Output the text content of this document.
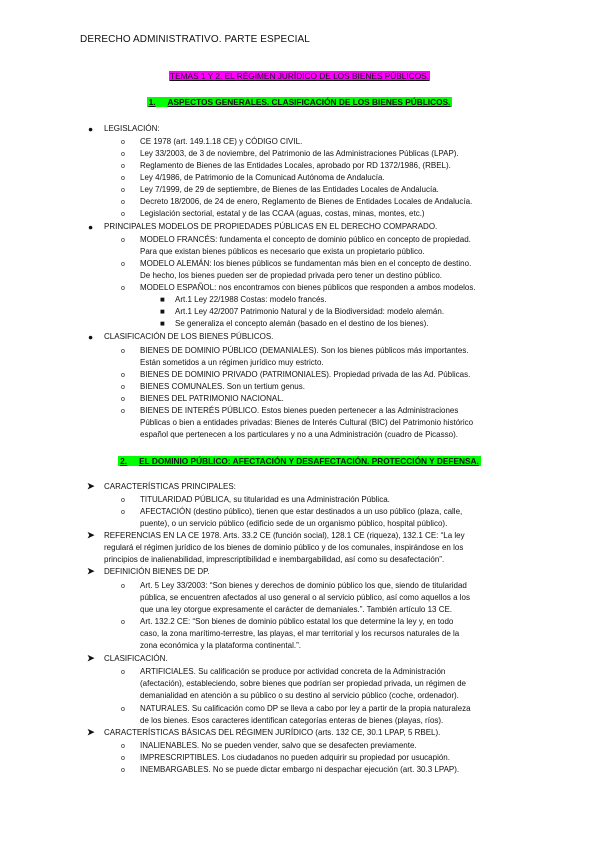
DERECHO ADMINISTRATIVO. PARTE ESPECIAL
TEMAS 1 Y 2. EL RÉGIMEN JURÍDICO DE LOS BIENES PÚBLICOS.
1. ASPECTOS GENERALES. CLASIFICACIÓN DE LOS BIENES PÚBLICOS.
● LEGISLACIÓN:
o CE 1978 (art. 149.1.18 CE) y CÓDIGO CIVIL.
o Ley 33/2003, de 3 de noviembre, del Patrimonio de las Administraciones Públicas (LPAP).
o Reglamento de Bienes de las Entidades Locales, aprobado por RD 1372/1986, (RBEL).
o Ley 4/1986, de Patrimonio de la Comunicad Autónoma de Andalucía.
o Ley 7/1999, de 29 de septiembre, de Bienes de las Entidades Locales de Andalucía.
o Decreto 18/2006, de 24 de enero, Reglamento de Bienes de Entidades Locales de Andalucía.
o Legislación sectorial, estatal y de las CCAA (aguas, costas, minas, montes, etc.)
● PRINCIPALES MODELOS DE PROPIEDADES PÚBLICAS EN EL DERECHO COMPARADO.
o MODELO FRANCÉS: fundamenta el concepto de dominio público en concepto de propiedad.
Para que existan bienes públicos es necesario que exista un propietario público.
o MODELO ALEMÁN: los bienes públicos se fundamentan más bien en el concepto de destino.
De hecho, los bienes pueden ser de propiedad privada pero tener un destino público.
o MODELO ESPAÑOL: nos encontramos con bienes públicos que responden a ambos modelos.
■ Art.1 Ley 22/1988 Costas: modelo francés.
■ Art.1 Ley 42/2007 Patrimonio Natural y de la Biodiversidad: modelo alemán.
■ Se generaliza el concepto alemán (basado en el destino de los bienes).
● CLASIFICACIÓN DE LOS BIENES PÚBLICOS.
o BIENES DE DOMINIO PÚBLICO (DEMANIALES). Son los bienes públicos más importantes.
Están sometidos a un régimen jurídico muy estricto.
o BIENES DE DOMINIO PRIVADO (PATRIMONIALES). Propiedad privada de las Ad. Públicas.
o BIENES COMUNALES. Son un tertium genus.
o BIENES DEL PATRIMONIO NACIONAL.
o BIENES DE INTERÉS PÚBLICO. Estos bienes pueden pertenecer a las Administraciones
Públicas o bien a entidades privadas: Bienes de Interés Cultural (BIC) del Patrimonio histórico
español que pertenecen a los particulares y no a una Administración (cuadro de Picasso).
2. EL DOMINIO PÚBLICO: AFECTACIÓN Y DESAFECTACIÓN. PROTECCIÓN Y DEFENSA.
➤ CARACTERÍSTICAS PRINCIPALES:
o TITULARIDAD PÚBLICA, su titularidad es una Administración Pública.
o AFECTACIÓN (destino público), tienen que estar destinados a un uso público (plaza, calle,
puente), o un servicio público (edificio sede de un organismo público, hospital público).
➤ REFERENCIAS EN LA CE 1978. Arts. 33.2 CE (función social), 128.1 CE (riqueza), 132.1 CE: “La ley
regulará el régimen jurídico de los bienes de dominio público y de los comunales, inspirándose en los
principios de inalienabilidad, imprescriptibilidad e inembargabilidad, así como su desafectación”.
➤ DEFINICIÓN BIENES DE DP.
o Art. 5 Ley 33/2003: “Son bienes y derechos de dominio público los que, siendo de titularidad
pública, se encuentren afectados al uso general o al servicio público, así como aquellos a los
que una ley otorgue expresamente el carácter de demaniales.”. También artículo 13 CE.
o Art. 132.2 CE: “Son bienes de dominio público estatal los que determine la ley y, en todo
caso, la zona marítimo-terrestre, las playas, el mar territorial y los recursos naturales de la
zona económica y la plataforma continental.”.
➤ CLASIFICACIÓN.
o ARTIFICIALES. Su calificación se produce por actividad concreta de la Administración
(afectación), estableciendo, sobre bienes que podrían ser propiedad privada, un régimen de
demanialidad en atención a su público o su destino al servicio público (coche, ordenador).
o NATURALES. Su calificación como DP se lleva a cabo por ley a partir de la propia naturaleza
de los bienes. Esos caracteres identifican categorías enteras de bienes (playas, ríos).
➤ CARACTERÍSTICAS BÁSICAS DEL RÉGIMEN JURÍDICO (arts. 132 CE, 30.1 LPAP, 5 RBEL).
o INALIENABLES. No se pueden vender, salvo que se desafecten previamente.
o IMPRESCRIPTIBLES. Los ciudadanos no pueden adquirir su propiedad por usucapión.
o INEMBARGABLES. No se puede dictar embargo ni despachar ejecución (art. 30.3 LPAP).
